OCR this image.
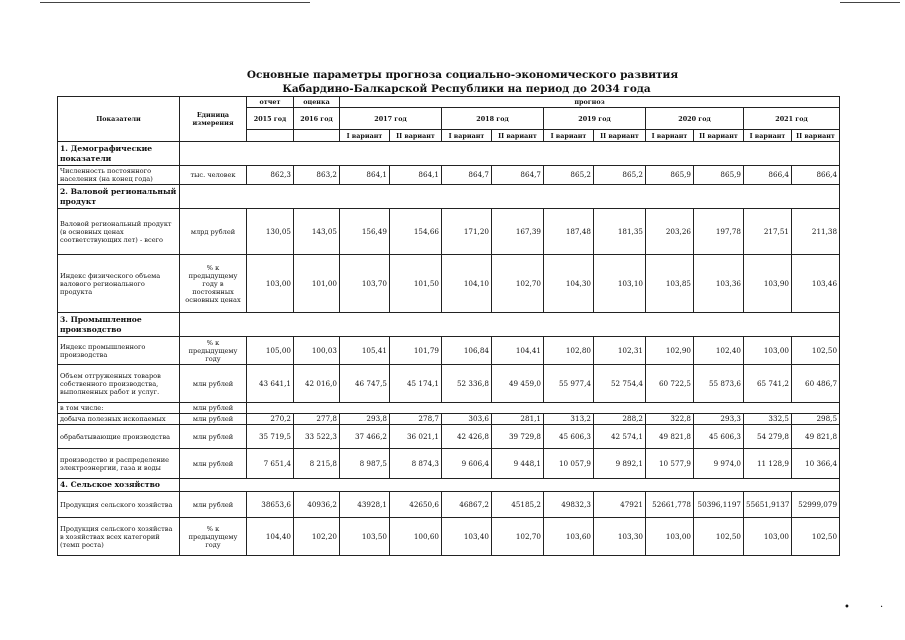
Основные параметры прогноза социально-экономического развития
Кабардино-Балкарской Республики на период до 2034 года
Показатели	Единица измерения	отчет	оценка	прогноз									
		2015 год	2016 год	2017 год		2018 год		2019 год		2020 год		2021 год	
				I вариант	II вариант	I вариант	II вариант	I вариант	II вариант	I вариант	II вариант	I вариант	II вариант
1. Демографические показатели													
Численность постоянного населения (на конец года)	тыс. человек	862,3	863,2	864,1	864,1	864,7	864,7	865,2	865,2	865,9	865,9	866,4	866,4
2. Валовой региональный продукт													
Валовой региональный продукт (в основных ценах соответствующих лет) - всего	млрд рублей	130,05	143,05	156,49	154,66	171,20	167,39	187,48	181,35	203,26	197,78	217,51	211,38
Индекс физического объема валового регионального продукта	% к предыдущему году в постоянных основных ценах	103,00	101,00	103,70	101,50	104,10	102,70	104,30	103,10	103,85	103,36	103,90	103,46
3. Промышленное производство													
Индекс промышленного производства	% к предыдущему году	105,00	100,03	105,41	101,79	106,84	104,41	102,80	102,31	102,90	102,40	103,00	102,50
Объем отгруженных товаров собственного производства, выполненных работ и услуг.	млн рублей	43 641,1	42 016,0	46 747,5	45 174,1	52 336,8	49 459,0	55 977,4	52 754,4	60 722,5	55 873,6	65 741,2	60 486,7
в том числе:	млн рублей												
добыча полезных ископаемых	млн рублей	270,2	277,8	293,8	278,7	303,6	281,1	313,2	288,2	322,8	293,3	332,5	298,5
обрабатывающие производства	млн рублей	35 719,5	33 522,3	37 466,2	36 021,1	42 426,8	39 729,8	45 606,3	42 574,1	49 821,8	45 606,3	54 279,8	49 821,8
производство и распределение электроэнергии, газа и воды	млн рублей	7 651,4	8 215,8	8 987,5	8 874,3	9 606,4	9 448,1	10 057,9	9 892,1	10 577,9	9 974,0	11 128,9	10 366,4
4. Сельское хозяйство													
Продукция сельского хозяйства	млн рублей	38653,6	40936,2	43928,1	42650,6	46867,2	45185,2	49832,3	47921	52661,778	50396,1197	55651,9137	52999,079
Продукция сельского хозяйства в хозяйствах всех категорий (темп роста)	% к предыдущему году	104,40	102,20	103,50	100,60	103,40	102,70	103,60	103,30	103,00	102,50	103,00	102,50
•	·
